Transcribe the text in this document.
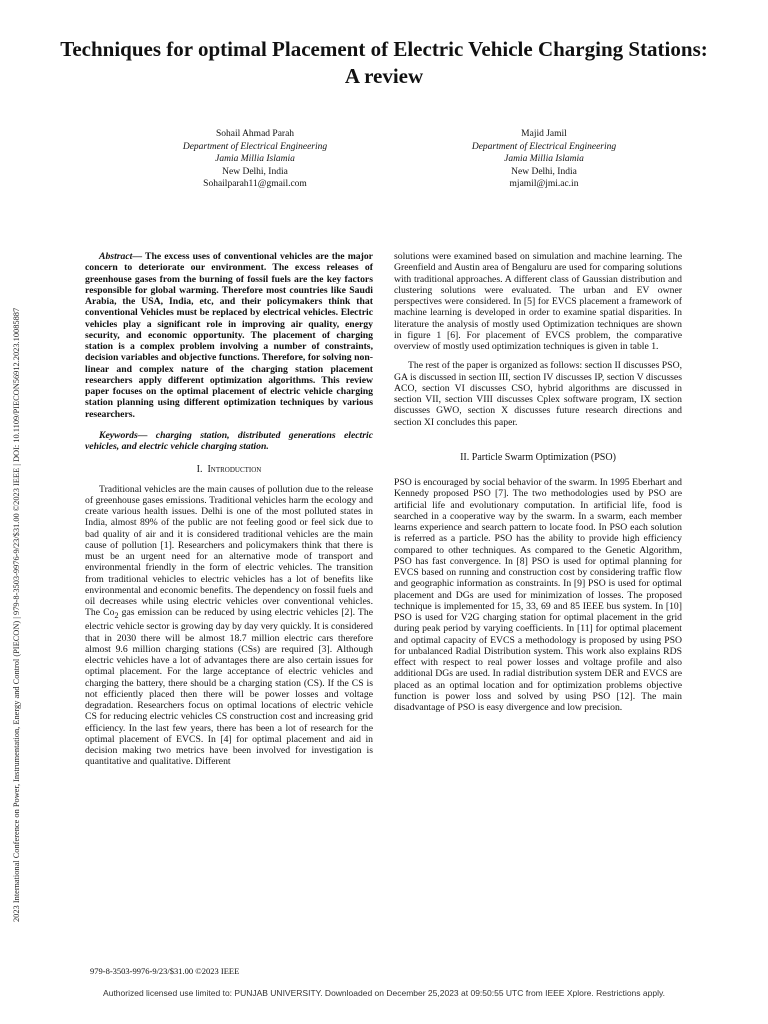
Techniques for optimal Placement of Electric Vehicle Charging Stations: A review
2023 International Conference on Power, Instrumentation, Energy and Control (PIECON) | 979-8-3503-9976-9/23/$31.00 ©2023 IEEE | DOI: 10.1109/PIECON56912.2023.10085887
Sohail Ahmad Parah
Department of Electrical Engineering
Jamia Millia Islamia
New Delhi, India
Sohailparah11@gmail.com
Majid Jamil
Department of Electrical Engineering
Jamia Millia Islamia
New Delhi, India
mjamil@jmi.ac.in

Abstract— The excess uses of conventional vehicles are the major concern to deteriorate our environment. The excess releases of greenhouse gases from the burning of fossil fuels are the key factors responsible for global warming. Therefore most countries like Saudi Arabia, the USA, India, etc, and their policymakers think that conventional Vehicles must be replaced by electrical vehicles. Electric vehicles play a significant role in improving air quality, energy security, and economic opportunity. The placement of charging station is a complex problem involving a number of constraints, decision variables and objective functions. Therefore, for solving non-linear and complex nature of the charging station placement researchers apply different optimization algorithms. This review paper focuses on the optimal placement of electric vehicle charging station planning using different optimization techniques by various researchers.

Keywords— charging station, distributed generations electric vehicles, and electric vehicle charging station.

I. Introduction

Traditional vehicles are the main causes of pollution due to the release of greenhouse gases emissions. Traditional vehicles harm the ecology and create various health issues. Delhi is one of the most polluted states in India, almost 89% of the public are not feeling good or feel sick due to bad quality of air and it is considered traditional vehicles are the main cause of pollution [1]. Researchers and policymakers think that there is must be an urgent need for an alternative mode of transport and environmental friendly in the form of electric vehicles. The transition from traditional vehicles to electric vehicles has a lot of benefits like environmental and economic benefits. The dependency on fossil fuels and oil decreases while using electric vehicles over conventional vehicles. The $Co_2$ gas emission can be reduced by using electric vehicles [2]. The electric vehicle sector is growing day by day very quickly. It is considered that in 2030 there will be almost 18.7 million electric cars therefore almost 9.6 million charging stations (CSs) are required [3]. Although electric vehicles have a lot of advantages there are also certain issues for optimal placement. For the large acceptance of electric vehicles and charging the battery, there should be a charging station (CS). If the CS is not efficiently placed then there will be power losses and voltage degradation. Researchers focus on optimal locations of electric vehicle CS for reducing electric vehicles CS construction cost and increasing grid efficiency. In the last few years, there has been a lot of research for the optimal placement of EVCS. In [4] for optimal placement and aid in decision making two metrics have been involved for investigation is quantitative and qualitative. Different

solutions were examined based on simulation and machine learning. The Greenfield and Austin area of Bengaluru are used for comparing solutions with traditional approaches. A different class of Gaussian distribution and clustering solutions were evaluated. The urban and EV owner perspectives were considered. In [5] for EVCS placement a framework of machine learning is developed in order to examine spatial disparities. In literature the analysis of mostly used Optimization techniques are shown in figure 1 [6]. For placement of EVCS problem, the comparative overview of mostly used optimization techniques is given in table 1.

The rest of the paper is organized as follows: section II discusses PSO, GA is discussed in section III, section IV discusses IP, section V discusses ACO, section VI discusses CSO, hybrid algorithms are discussed in section VII, section VIII discusses Cplex software program, IX section discusses GWO, section X discusses future research directions and section XI concludes this paper.

II. Particle Swarm Optimization (PSO)

PSO is encouraged by social behavior of the swarm. In 1995 Eberhart and Kennedy proposed PSO [7]. The two methodologies used by PSO are artificial life and evolutionary computation. In artificial life, food is searched in a cooperative way by the swarm. In a swarm, each member learns experience and search pattern to locate food. In PSO each solution is referred as a particle. PSO has the ability to provide high efficiency compared to other techniques. As compared to the Genetic Algorithm, PSO has fast convergence. In [8] PSO is used for optimal planning for EVCS based on running and construction cost by considering traffic flow and geographic information as constraints. In [9] PSO is used for optimal placement and DGs are used for minimization of losses. The proposed technique is implemented for 15, 33, 69 and 85 IEEE bus system. In [10] PSO is used for V2G charging station for optimal placement in the grid during peak period by varying coefficients. In [11] for optimal placement and optimal capacity of EVCS a methodology is proposed by using PSO for unbalanced Radial Distribution system. This work also explains RDS effect with respect to real power losses and voltage profile and also additional DGs are used. In radial distribution system DER and EVCS are placed as an optimal location and for optimization problems objective function is power loss and solved by using PSO [12]. The main disadvantage of PSO is easy divergence and low precision.

979-8-3503-9976-9/23/$31.00 ©2023 IEEE
Authorized licensed use limited to: PUNJAB UNIVERSITY. Downloaded on December 25,2023 at 09:50:55 UTC from IEEE Xplore. Restrictions apply.
